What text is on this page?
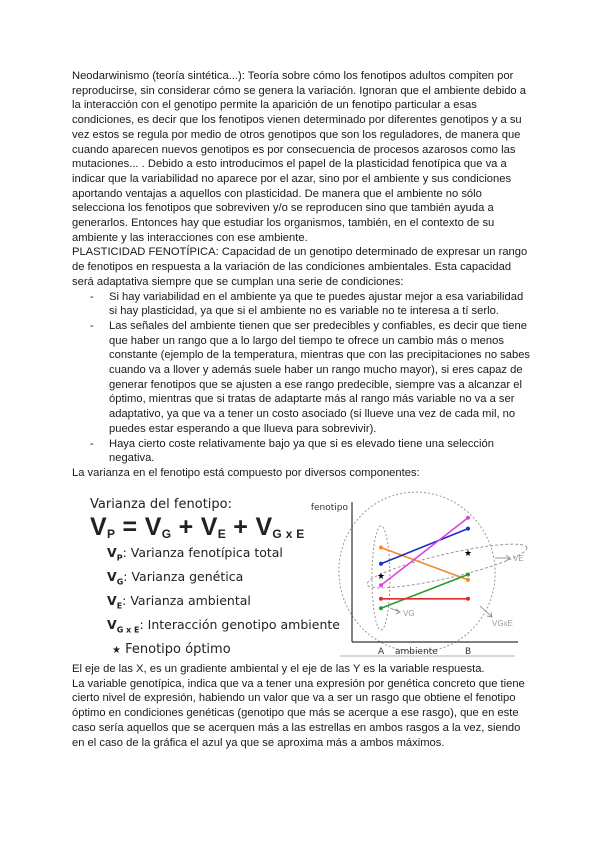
Neodarwinismo (teoría sintética...): Teoría sobre cómo los fenotipos adultos compiten por
reproducirse, sin considerar cómo se genera la variación. Ignoran que el ambiente debido a
la interacción con el genotipo permite la aparición de un fenotipo particular a esas
condiciones, es decir que los fenotipos vienen determinado por diferentes genotipos y a su
vez estos se regula por medio de otros genotipos que son los reguladores, de manera que
cuando aparecen nuevos genotipos es por consecuencia de procesos azarosos como las
mutaciones... . Debido a esto introducimos el papel de la plasticidad fenotípica que va a
indicar que la variabilidad no aparece por el azar, sino por el ambiente y sus condiciones
aportando ventajas a aquellos con plasticidad. De manera que el ambiente no sólo
selecciona los fenotipos que sobreviven y/o se reproducen sino que también ayuda a
generarlos. Entonces hay que estudiar los organismos, también, en el contexto de su
ambiente y las interacciones con ese ambiente.
PLASTICIDAD FENOTÍPICA: Capacidad de un genotipo determinado de expresar un rango
de fenotipos en respuesta a la variación de las condiciones ambientales. Esta capacidad
será adaptativa siempre que se cumplan una serie de condiciones:
- Si hay variabilidad en el ambiente ya que te puedes ajustar mejor a esa variabilidad
si hay plasticidad, ya que si el ambiente no es variable no te interesa a tí serlo.
- Las señales del ambiente tienen que ser predecibles y confiables, es decir que tiene
que haber un rango que a lo largo del tiempo te ofrece un cambio más o menos
constante (ejemplo de la temperatura, mientras que con las precipitaciones no sabes
cuando va a llover y además suele haber un rango mucho mayor), si eres capaz de
generar fenotipos que se ajusten a ese rango predecible, siempre vas a alcanzar el
óptimo, mientras que si tratas de adaptarte más al rango más variable no va a ser
adaptativo, ya que va a tener un costo asociado (si llueve una vez de cada mil, no
puedes estar esperando a que llueva para sobrevivir).
- Haya cierto coste relativamente bajo ya que si es elevado tiene una selección
negativa.
La varianza en el fenotipo está compuesto por diversos componentes:
Varianza del fenotipo:
$V_P = V_G + V_E + V_{G x E}$
$V_P$: Varianza fenotípica total
$V_G$: Varianza genética
$V_E$: Varianza ambiental
$V_{G x E}$: Interacción genotipo ambiente
★ Fenotipo óptimo
fenotipo
A	B
ambiente
★
★
VG
VE
VGxE
El eje de las X, es un gradiente ambiental y el eje de las Y es la variable respuesta.
La variable genotípica, indica que va a tener una expresión por genética concreto que tiene
cierto nivel de expresión, habiendo un valor que va a ser un rasgo que obtiene el fenotipo
óptimo en condiciones genéticas (genotipo que más se acerque a ese rasgo), que en este
caso sería aquellos que se acerquen más a las estrellas en ambos rasgos a la vez, siendo
en el caso de la gráfica el azul ya que se aproxima más a ambos máximos.
